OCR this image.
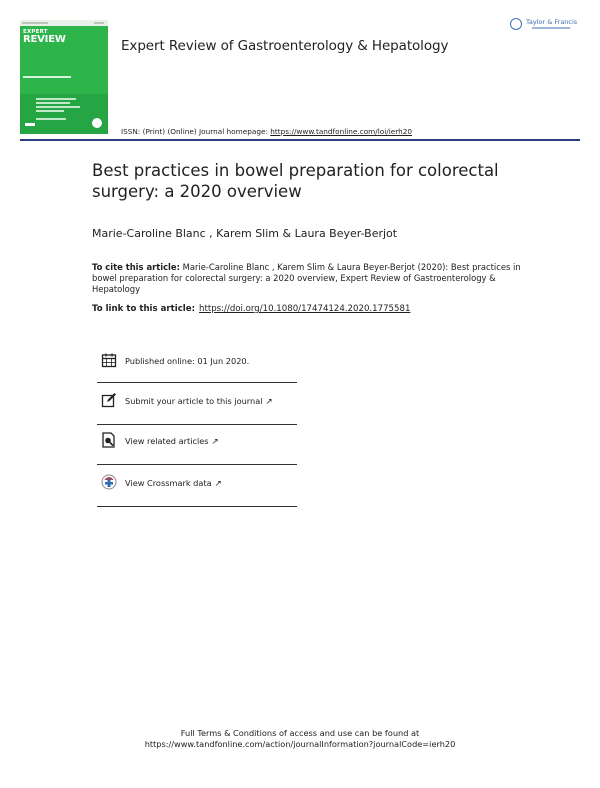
EXPERT
REVIEW
Taylor & Francis
Expert Review of Gastroenterology & Hepatology
ISSN: (Print) (Online) Journal homepage: https://www.tandfonline.com/loi/ierh20
Best practices in bowel preparation for colorectal surgery: a 2020 overview
Marie-Caroline Blanc , Karem Slim & Laura Beyer-Berjot
To cite this article: Marie-Caroline Blanc , Karem Slim & Laura Beyer-Berjot (2020): Best practices in bowel preparation for colorectal surgery: a 2020 overview, Expert Review of Gastroenterology & Hepatology
To link to this article: https://doi.org/10.1080/17474124.2020.1775581
Published online: 01 Jun 2020.
Submit your article to this journal ↗
View related articles ↗
View Crossmark data ↗
Full Terms & Conditions of access and use can be found at
https://www.tandfonline.com/action/journalInformation?journalCode=ierh20
